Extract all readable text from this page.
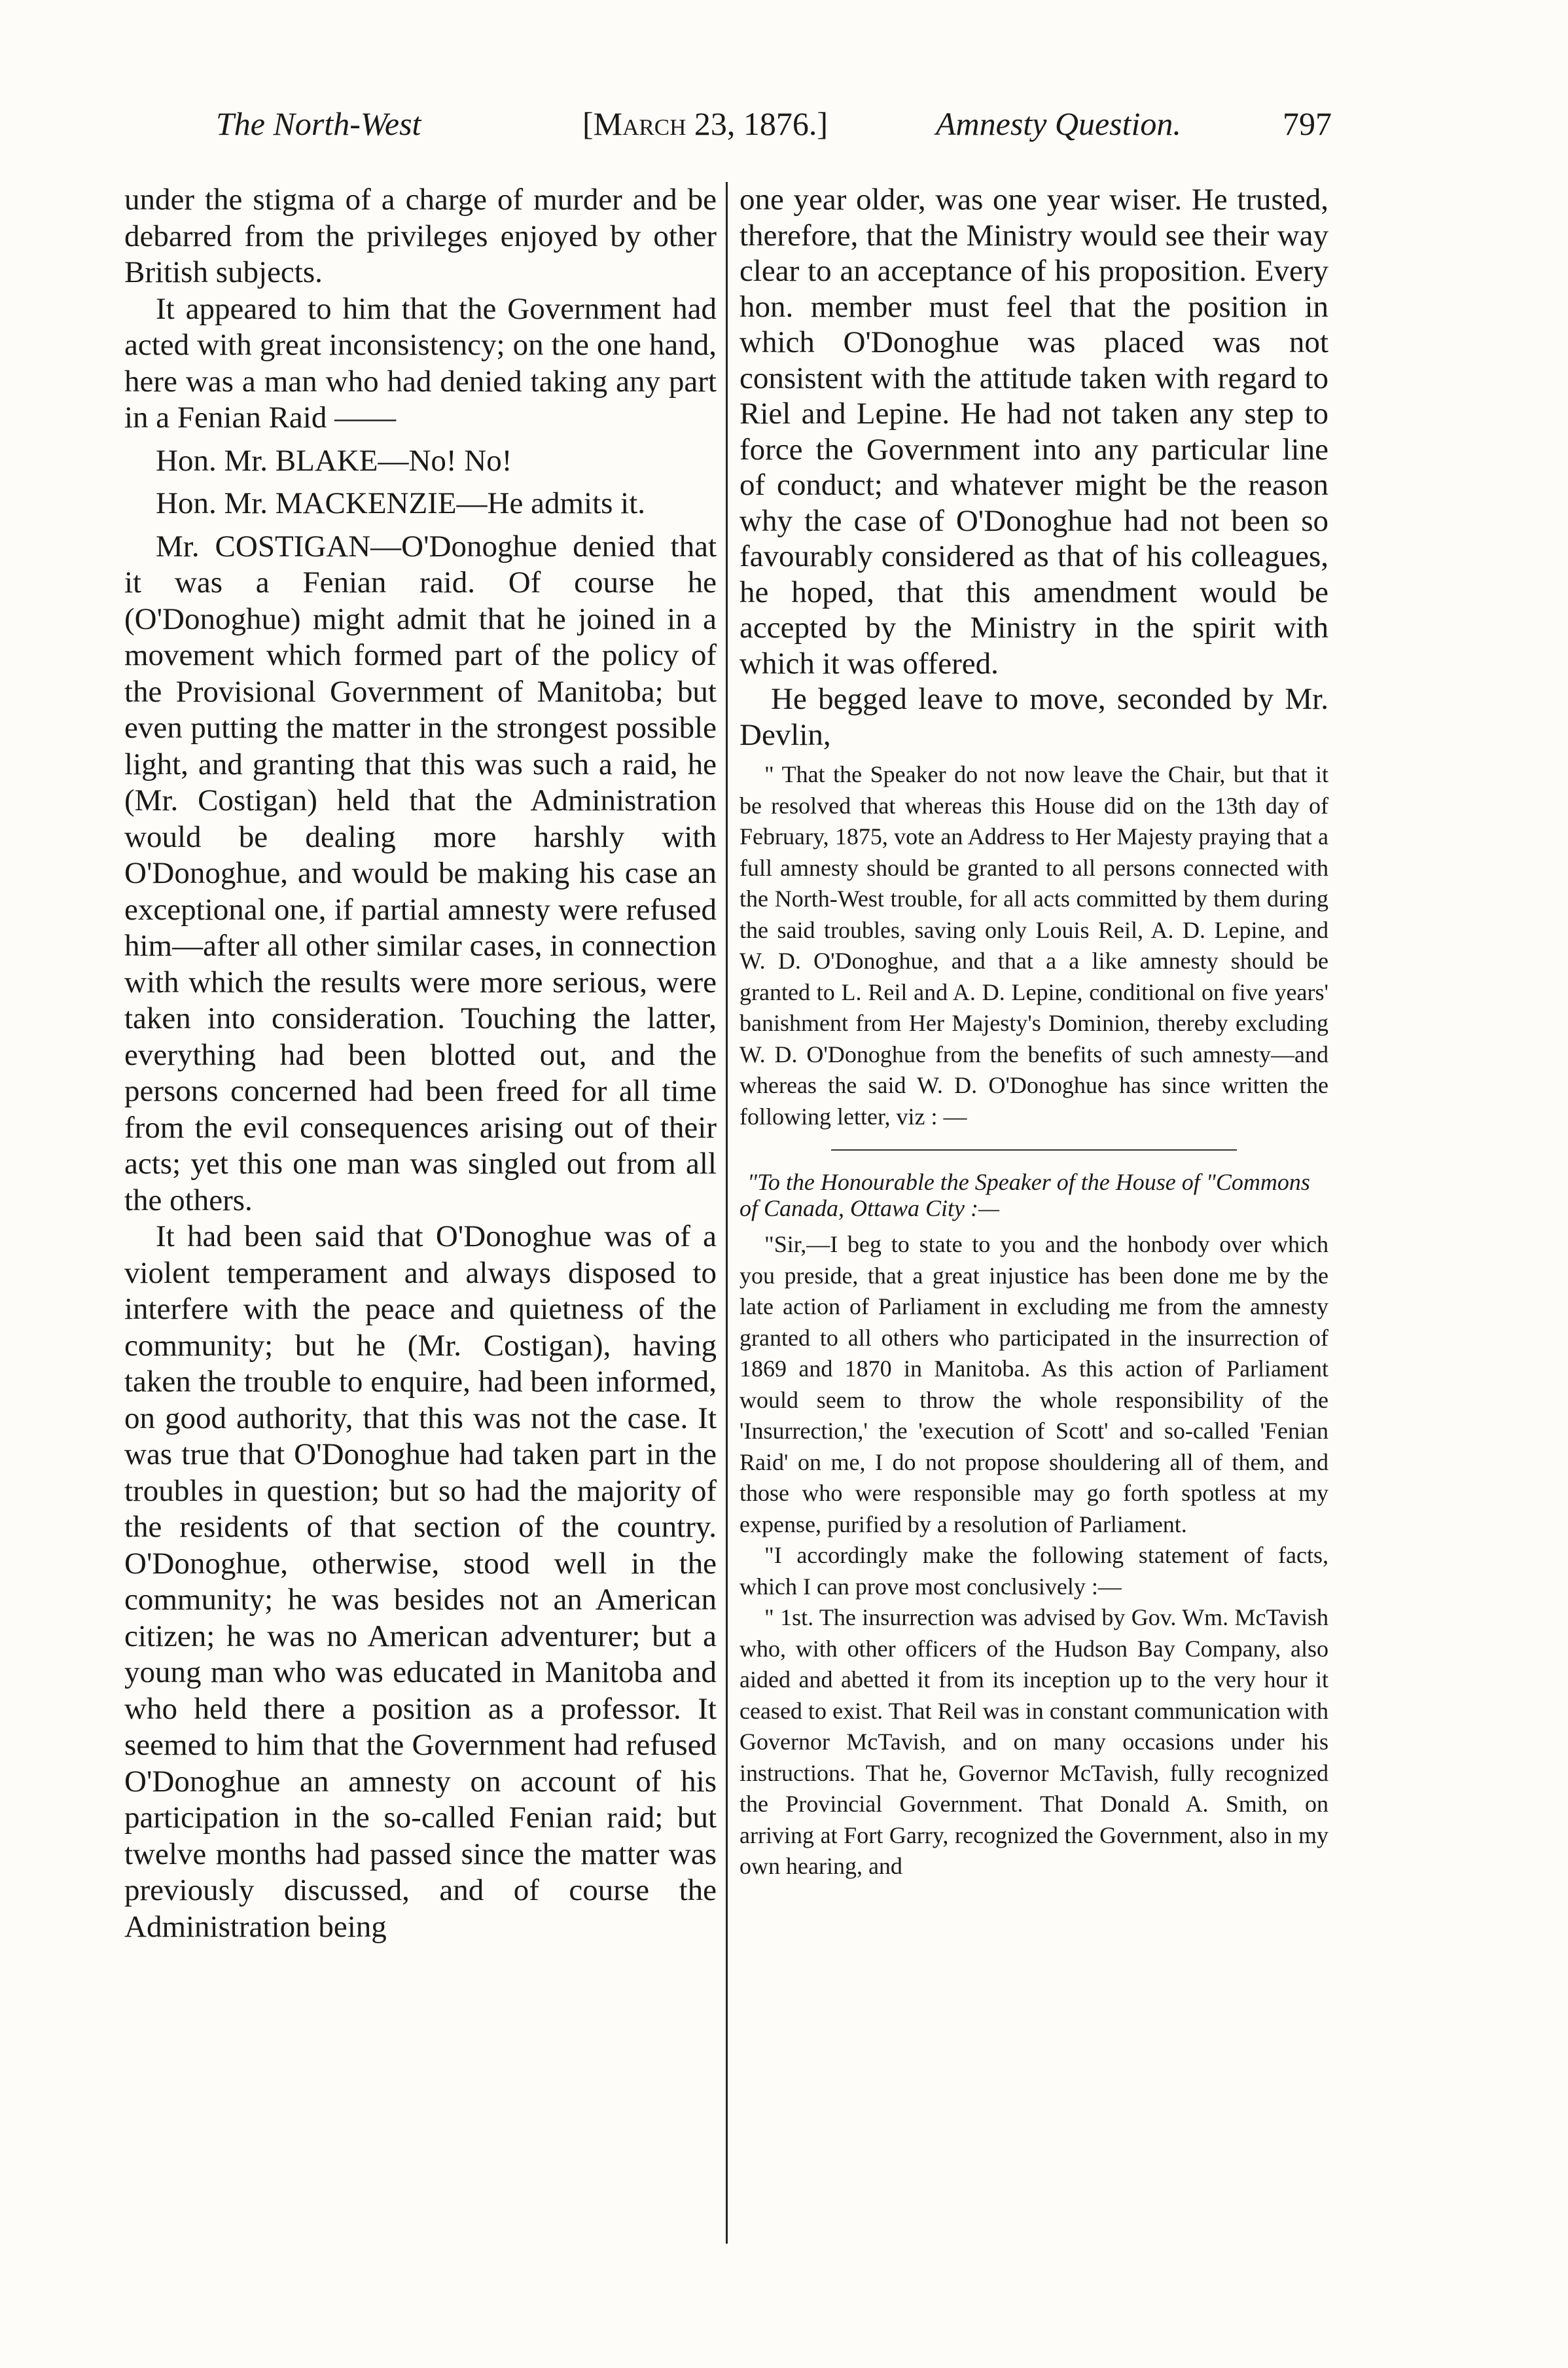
The North-West	[March 23, 1876.]	Amnesty Question.	797

under the stigma of a charge of murder and be debarred from the privileges enjoyed by other British subjects.

It appeared to him that the Government had acted with great inconsistency; on the one hand, here was a man who had denied taking any part in a Fenian Raid ——

Hon. Mr. BLAKE—No! No!

Hon. Mr. MACKENZIE—He admits it.

Mr. COSTIGAN—O'Donoghue denied that it was a Fenian raid. Of course he (O'Donoghue) might admit that he joined in a movement which formed part of the policy of the Provisional Government of Manitoba; but even putting the matter in the strongest possible light, and granting that this was such a raid, he (Mr. Costigan) held that the Administration would be dealing more harshly with O'Donoghue, and would be making his case an exceptional one, if partial amnesty were refused him—after all other similar cases, in connection with which the results were more serious, were taken into consideration. Touching the latter, everything had been blotted out, and the persons concerned had been freed for all time from the evil consequences arising out of their acts; yet this one man was singled out from all the others.

It had been said that O'Donoghue was of a violent temperament and always disposed to interfere with the peace and quietness of the community; but he (Mr. Costigan), having taken the trouble to enquire, had been informed, on good authority, that this was not the case. It was true that O'Donoghue had taken part in the troubles in question; but so had the majority of the residents of that section of the country. O'Donoghue, otherwise, stood well in the community; he was besides not an American citizen; he was no American adventurer; but a young man who was educated in Manitoba and who held there a position as a professor. It seemed to him that the Government had refused O'Donoghue an amnesty on account of his participation in the so-called Fenian raid; but twelve months had passed since the matter was previously discussed, and of course the Administration being

one year older, was one year wiser. He trusted, therefore, that the Ministry would see their way clear to an acceptance of his proposition. Every hon. member must feel that the position in which O'Donoghue was placed was not consistent with the attitude taken with regard to Riel and Lepine. He had not taken any step to force the Government into any particular line of conduct; and whatever might be the reason why the case of O'Donoghue had not been so favourably considered as that of his colleagues, he hoped, that this amendment would be accepted by the Ministry in the spirit with which it was offered.

He begged leave to move, seconded by Mr. Devlin,

" That the Speaker do not now leave the Chair, but that it be resolved that whereas this House did on the 13th day of February, 1875, vote an Address to Her Majesty praying that a full amnesty should be granted to all persons connected with the North-West trouble, for all acts committed by them during the said troubles, saving only Louis Reil, A. D. Lepine, and W. D. O'Donoghue, and that a a like amnesty should be granted to L. Reil and A. D. Lepine, conditional on five years' banishment from Her Majesty's Dominion, thereby excluding W. D. O'Donoghue from the benefits of such amnesty—and whereas the said W. D. O'Donoghue has since written the following letter, viz : —

"To the Honourable the Speaker of the House of "Commons of Canada, Ottawa City :—

"Sir,—I beg to state to you and the honbody over which you preside, that a great injustice has been done me by the late action of Parliament in excluding me from the amnesty granted to all others who participated in the insurrection of 1869 and 1870 in Manitoba. As this action of Parliament would seem to throw the whole responsibility of the 'Insurrection,' the 'execution of Scott' and so-called 'Fenian Raid' on me, I do not propose shouldering all of them, and those who were responsible may go forth spotless at my expense, purified by a resolution of Parliament.

"I accordingly make the following statement of facts, which I can prove most conclusively :—

" 1st. The insurrection was advised by Gov. Wm. McTavish who, with other officers of the Hudson Bay Company, also aided and abetted it from its inception up to the very hour it ceased to exist. That Reil was in constant communication with Governor McTavish, and on many occasions under his instructions. That he, Governor McTavish, fully recognized the Provincial Government. That Donald A. Smith, on arriving at Fort Garry, recognized the Government, also in my own hearing, and
